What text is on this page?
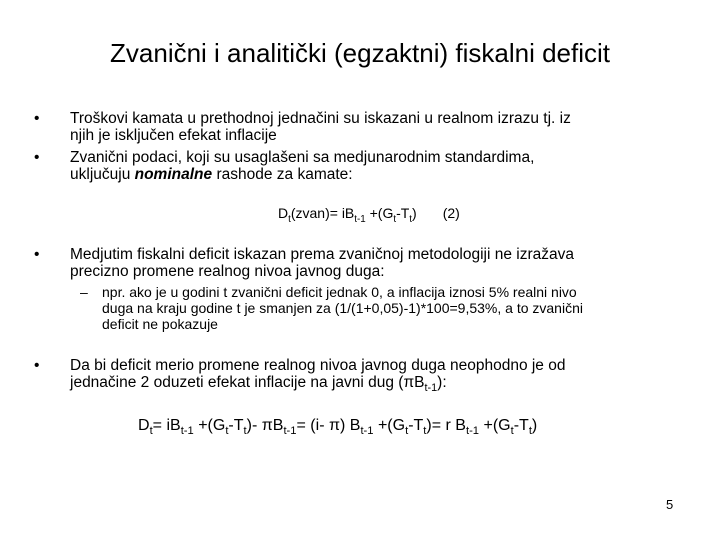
Zvanični i analitički (egzaktni) fiskalni deficit
• Troškovi kamata u prethodnoj jednačini su iskazani u realnom izrazu tj. iz
njih je isključen efekat inflacije
• Zvanični podaci, koji su usaglašeni sa medjunarodnim standardima,
uključuju nominalne rashode za kamate:
$D_t(zvan)= iB_{t-1} +(G_t-T_t)$ (2)
• Medjutim fiskalni deficit iskazan prema zvaničnoj metodologiji ne izražava
precizno promene realnog nivoa javnog duga:
– npr. ako je u godini t zvanični deficit jednak 0, a inflacija iznosi 5% realni nivo
duga na kraju godine t je smanjen za (1/(1+0,05)-1)*100=9,53%, a to zvanični
deficit ne pokazuje
• Da bi deficit merio promene realnog nivoa javnog duga neophodno je od
jednačine 2 oduzeti efekat inflacije na javni dug $(\pi B_{t-1})$:
$D_t= iB_{t-1} +(G_t-T_t)-$ $\pi B_{t-1}= (i-$ π) $B_{t-1} +(G_t-T_t)= r$ $B_{t-1} +(G_t-T_t)$
5
